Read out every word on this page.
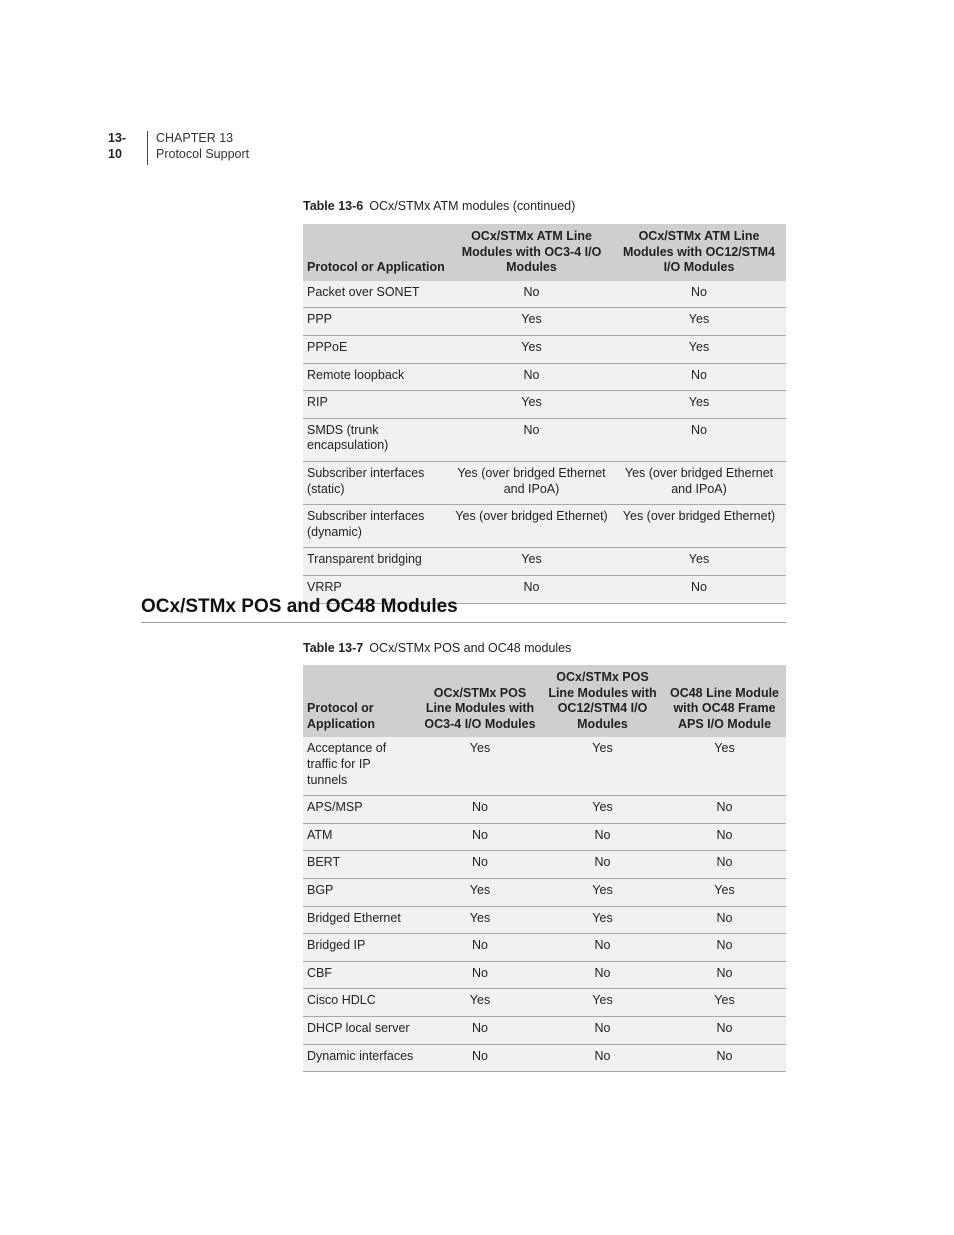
13-10
CHAPTER 13
Protocol Support
Table 13-6 OCx/STMx ATM modules (continued)
Protocol or Application	OCx/STMx ATM Line Modules with OC3-4 I/O Modules	OCx/STMx ATM Line Modules with OC12/STM4 I/O Modules
Packet over SONET	No	No
PPP	Yes	Yes
PPPoE	Yes	Yes
Remote loopback	No	No
RIP	Yes	Yes
SMDS (trunk encapsulation)	No	No
Subscriber interfaces (static)	Yes (over bridged Ethernet and IPoA)	Yes (over bridged Ethernet and IPoA)
Subscriber interfaces (dynamic)	Yes (over bridged Ethernet)	Yes (over bridged Ethernet)
Transparent bridging	Yes	Yes
VRRP	No	No
OCx/STMx POS and OC48 Modules
Table 13-7 OCx/STMx POS and OC48 modules
Protocol or Application	OCx/STMx POS Line Modules with OC3-4 I/O Modules	OCx/STMx POS Line Modules with OC12/STM4 I/O Modules	OC48 Line Module with OC48 Frame APS I/O Module
Acceptance of traffic for IP tunnels	Yes	Yes	Yes
APS/MSP	No	Yes	No
ATM	No	No	No
BERT	No	No	No
BGP	Yes	Yes	Yes
Bridged Ethernet	Yes	Yes	No
Bridged IP	No	No	No
CBF	No	No	No
Cisco HDLC	Yes	Yes	Yes
DHCP local server	No	No	No
Dynamic interfaces	No	No	No
